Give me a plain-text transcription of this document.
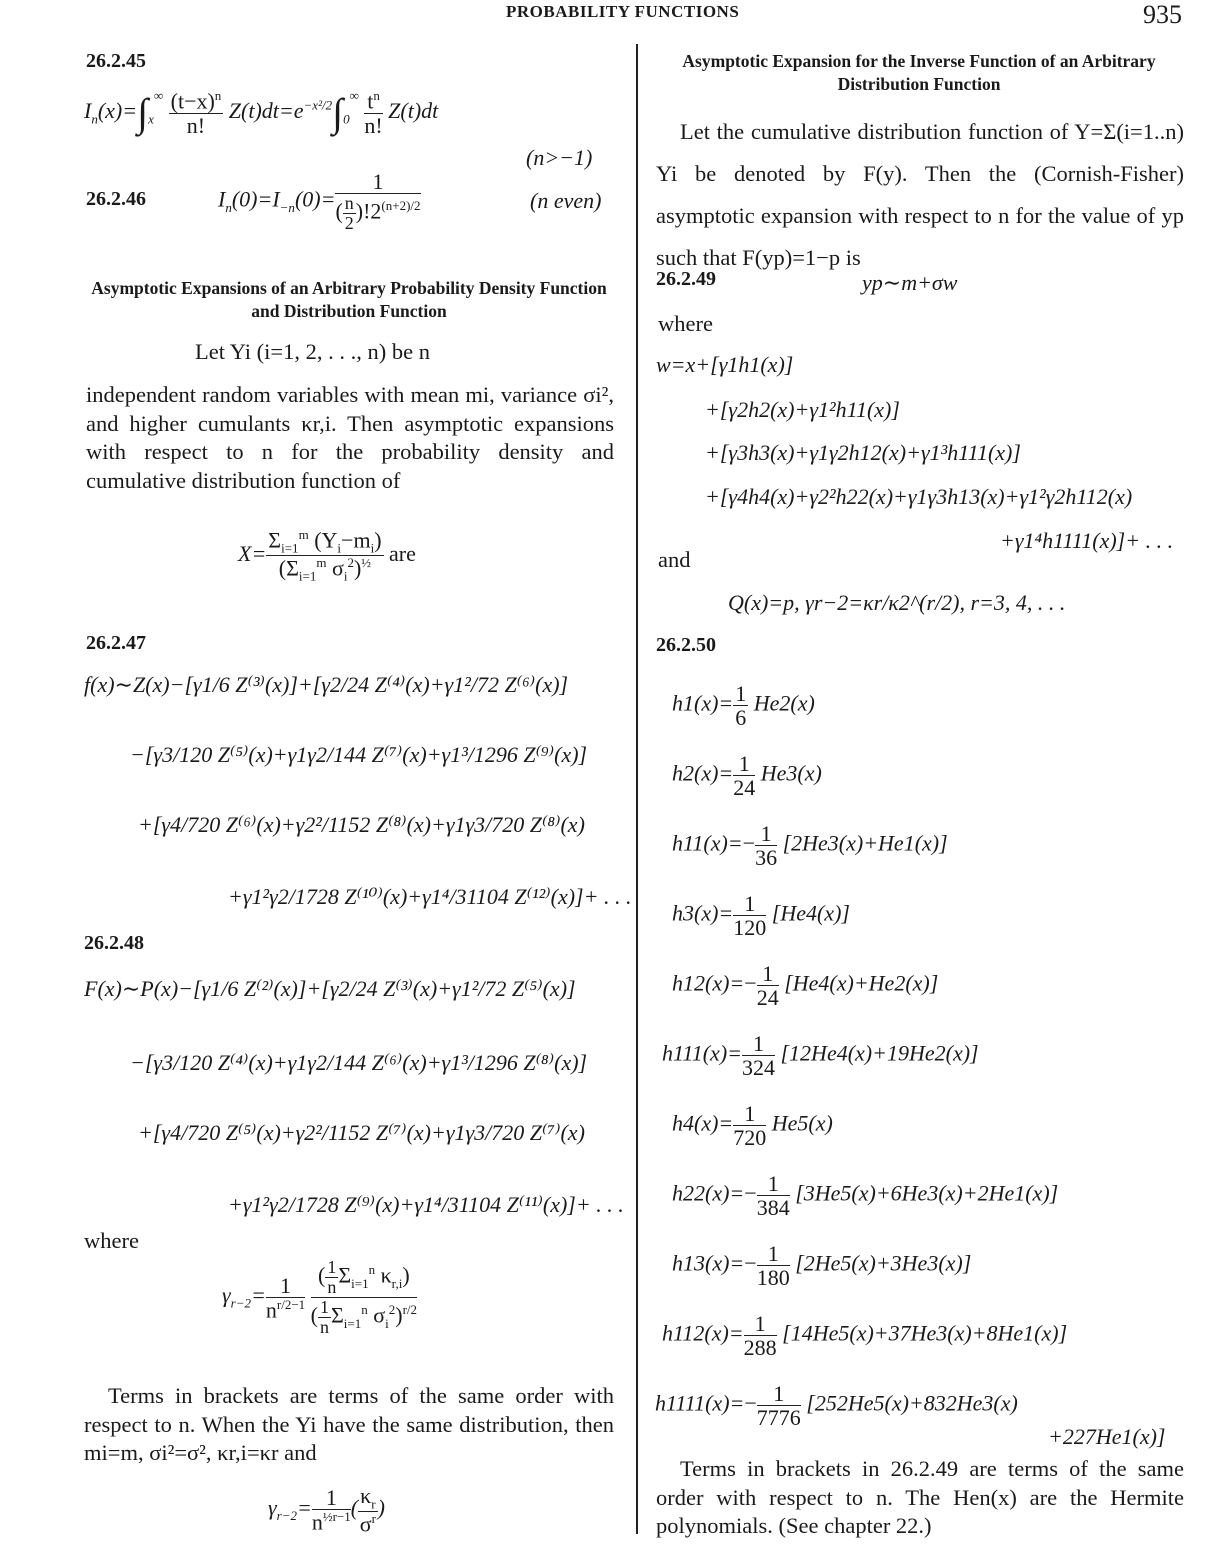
PROBABILITY FUNCTIONS	935
26.2.45
$I_n(x)=\int_x^\infty \frac{(t-x)^n}{n!} Z(t)dt=e^{-x^2/2}\int_0^\infty \frac{t^n}{n!} Z(t)dt$
(n>−1)
26.2.46	$I_n(0)=I_{-n}(0)= \frac{1}{( \frac{n}{2} )!2^{(n+2)/2}}$	(n even)
Asymptotic Expansions of an Arbitrary Probability Density Function and Distribution Function
Let Yi (i=1, 2, . . ., n) be n
independent random variables with mean mi, variance σi², and higher cumulants κr,i. Then asymptotic expansions with respect to n for the probability density and cumulative distribution function of
$X= \frac{\Sigma_{i=1}^m (Y_i-m_i)}{(\Sigma_{i=1}^m \sigma_i^2)^{\frac{1}{2}}}$ are
26.2.47
f(x)∼Z(x)−[γ1/6 Z⁽³⁾(x)]+[γ2/24 Z⁽⁴⁾(x)+γ1²/72 Z⁽⁶⁾(x)]
−[γ3/120 Z⁽⁵⁾(x)+γ1γ2/144 Z⁽⁷⁾(x)+γ1³/1296 Z⁽⁹⁾(x)]
+[γ4/720 Z⁽⁶⁾(x)+γ2²/1152 Z⁽⁸⁾(x)+γ1γ3/720 Z⁽⁸⁾(x)
+γ1²γ2/1728 Z⁽¹⁰⁾(x)+γ1⁴/31104 Z⁽¹²⁾(x)]+ . . .
26.2.48
F(x)∼P(x)−[γ1/6 Z⁽²⁾(x)]+[γ2/24 Z⁽³⁾(x)+γ1²/72 Z⁽⁵⁾(x)]
−[γ3/120 Z⁽⁴⁾(x)+γ1γ2/144 Z⁽⁶⁾(x)+γ1³/1296 Z⁽⁸⁾(x)]
+[γ4/720 Z⁽⁵⁾(x)+γ2²/1152 Z⁽⁷⁾(x)+γ1γ3/720 Z⁽⁷⁾(x)
+γ1²γ2/1728 Z⁽⁹⁾(x)+γ1⁴/31104 Z⁽¹¹⁾(x)]+ . . .
where
$\gamma_{r-2}= \frac{1}{n^{r/2-1}}$
$\frac{( \frac{1}{n} \Sigma_{i=1}^n \kappa_{r,i})}{( \frac{1}{n} \Sigma_{i=1}^n \sigma_i^2)^{r/2}}$
Terms in brackets are terms of the same order with respect to n. When the Yi have the same distribution, then mi=m, σi²=σ², κr,i=κr and
$\gamma_{r-2}= \frac{1}{n^{\frac{1}{2}r-1}}$ ( $\frac{\kappa_r}{\sigma^r}$ )
Asymptotic Expansion for the Inverse Function of an Arbitrary Distribution Function
Let the cumulative distribution function of Y=Σ(i=1..n) Yi be denoted by F(y). Then the (Cornish-Fisher) asymptotic expansion with respect to n for the value of yp such that F(yp)=1−p is
26.2.49	yp∼m+σw
where
w=x+[γ1h1(x)]
+[γ2h2(x)+γ1²h11(x)]
+[γ3h3(x)+γ1γ2h12(x)+γ1³h111(x)]
+[γ4h4(x)+γ2²h22(x)+γ1γ3h13(x)+γ1²γ2h112(x)
+γ1⁴h1111(x)]+ . . .
and
Q(x)=p, γr−2=κr/κ2^(r/2), r=3, 4, . . .
26.2.50
$h1(x)= \frac{1}{6} He2(x)$
$h2(x)= \frac{1}{24} He3(x)$
$h11(x)=- \frac{1}{36} [2He3(x)+He1(x)]$
$h3(x)= \frac{1}{120} [He4(x)]$
$h12(x)=- \frac{1}{24} [He4(x)+He2(x)]$
$h111(x)= \frac{1}{324} [12He4(x)+19He2(x)]$
$h4(x)= \frac{1}{720} He5(x)$
$h22(x)=- \frac{1}{384} [3He5(x)+6He3(x)+2He1(x)]$
$h13(x)=- \frac{1}{180} [2He5(x)+3He3(x)]$
$h112(x)= \frac{1}{288} [14He5(x)+37He3(x)+8He1(x)]$
$h1111(x)=- \frac{1}{7776} [252He5(x)+832He3(x)$
+227He1(x)]
Terms in brackets in 26.2.49 are terms of the same order with respect to n. The Hen(x) are the Hermite polynomials. (See chapter 22.)
